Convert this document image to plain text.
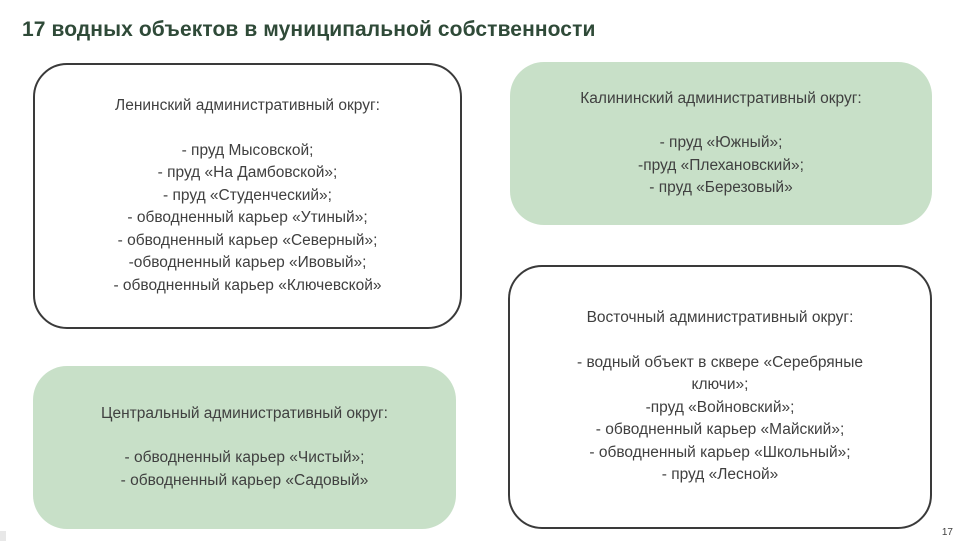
17 водных объектов в муниципальной собственности
Ленинский административный округ:
- пруд Мысовской;
- пруд «На Дамбовской»;
- пруд «Студенческий»;
- обводненный карьер «Утиный»;
- обводненный карьер «Северный»;
-обводненный карьер «Ивовый»;
- обводненный карьер «Ключевской»
Калининский административный округ:
- пруд «Южный»;
-пруд «Плехановский»;
- пруд «Березовый»
Восточный административный округ:
- водный объект в сквере «Серебряные ключи»;
-пруд «Войновский»;
- обводненный карьер «Майский»;
- обводненный карьер «Школьный»;
- пруд «Лесной»
Центральный административный округ:
- обводненный карьер «Чистый»;
- обводненный карьер «Садовый»
17
